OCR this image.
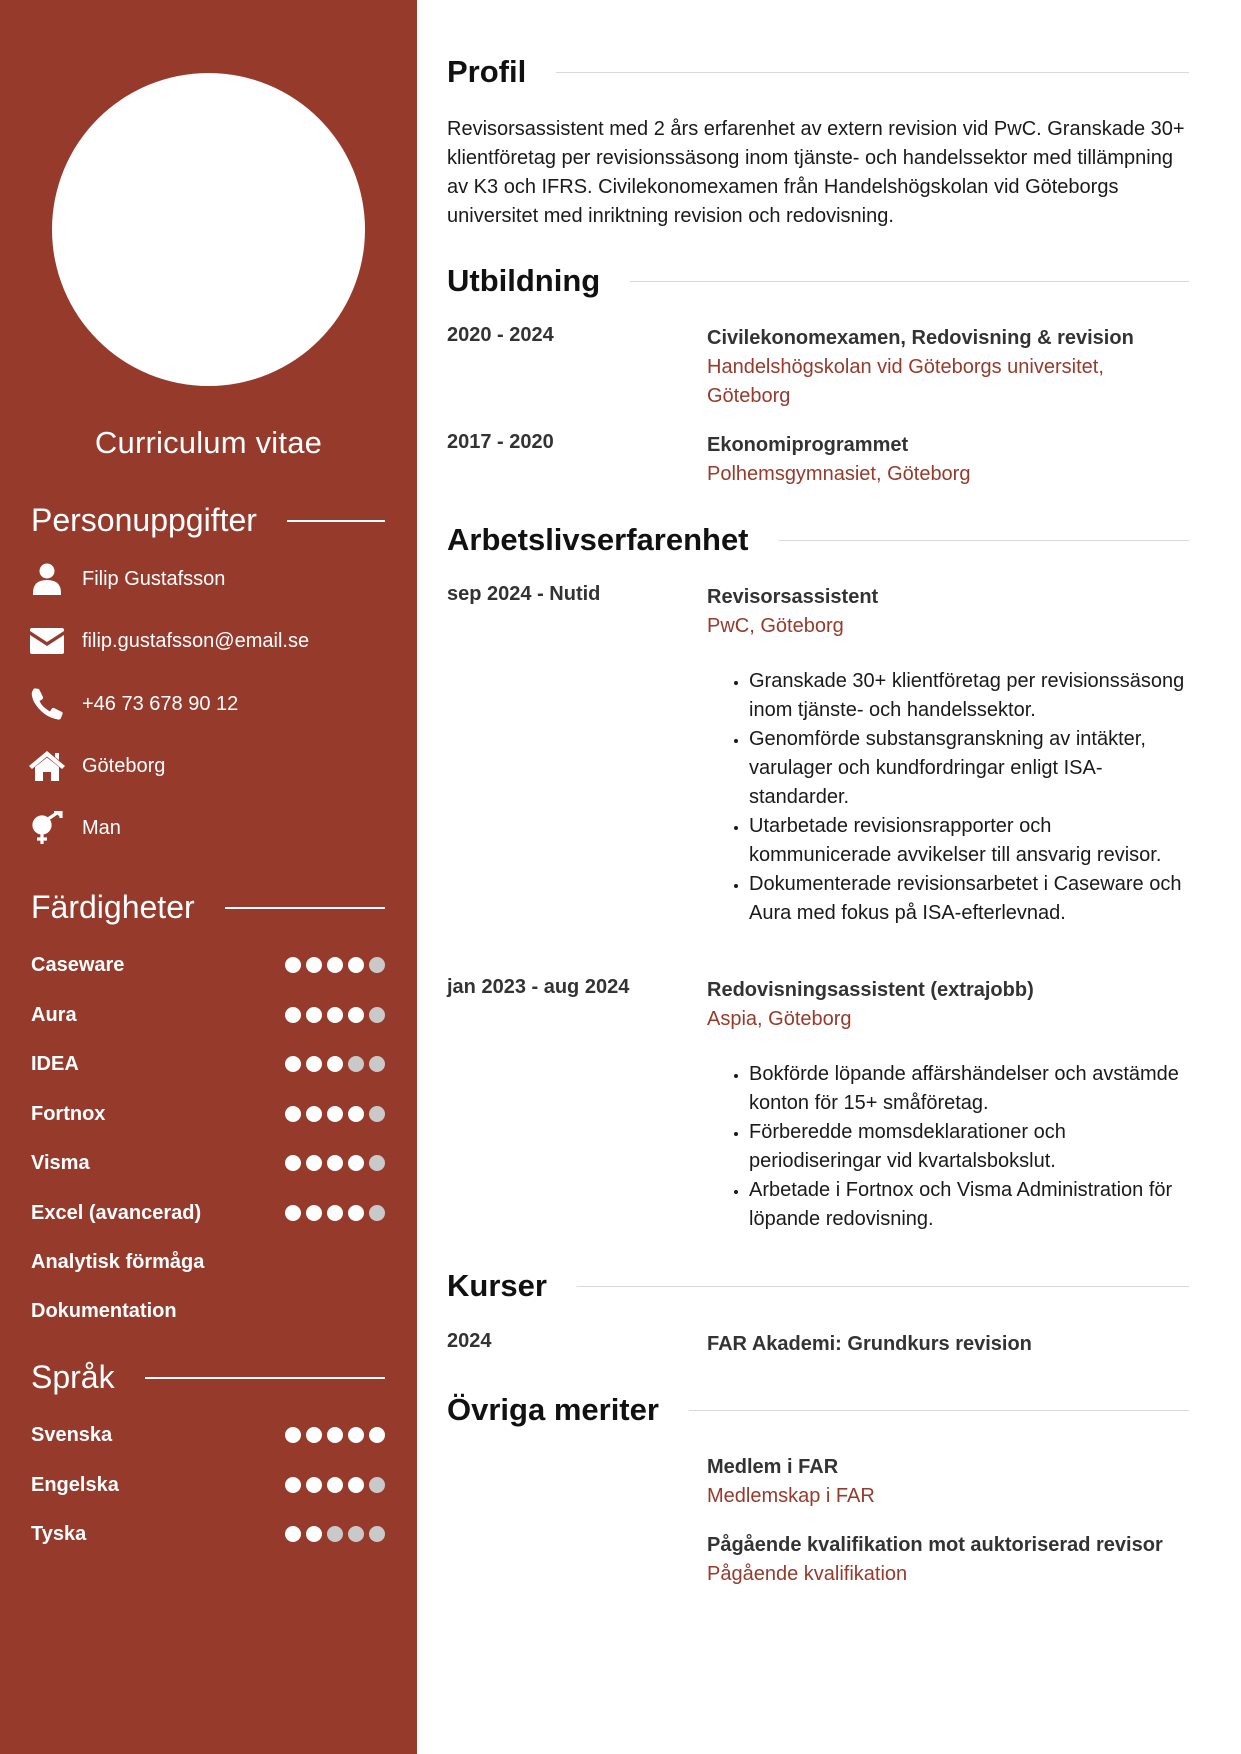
Curriculum vitae
Personuppgifter
Filip Gustafsson
filip.gustafsson@email.se
+46 73 678 90 12
Göteborg
Man
Färdigheter
Caseware
Aura
IDEA
Fortnox
Visma
Excel (avancerad)
Analytisk förmåga
Dokumentation
Språk
Svenska
Engelska
Tyska
Profil
Revisorsassistent med 2 års erfarenhet av extern revision vid PwC. Granskade 30+ klientföretag per revisionssäsong inom tjänste- och handelssektor med tillämpning av K3 och IFRS. Civilekonomexamen från Handelshögskolan vid Göteborgs universitet med inriktning revision och redovisning.
Utbildning
2020 - 2024	Civilekonomexamen, Redovisning & revision
Handelshögskolan vid Göteborgs universitet, Göteborg
2017 - 2020	Ekonomiprogrammet
Polhemsgymnasiet, Göteborg
Arbetslivserfarenhet
sep 2024 - Nutid	Revisorsassistent
PwC, Göteborg
• Granskade 30+ klientföretag per revisionssäsong inom tjänste- och handelssektor.
• Genomförde substansgranskning av intäkter, varulager och kundfordringar enligt ISA-standarder.
• Utarbetade revisionsrapporter och kommunicerade avvikelser till ansvarig revisor.
• Dokumenterade revisionsarbetet i Caseware och Aura med fokus på ISA-efterlevnad.
jan 2023 - aug 2024	Redovisningsassistent (extrajobb)
Aspia, Göteborg
• Bokförde löpande affärshändelser och avstämde konton för 15+ småföretag.
• Förberedde momsdeklarationer och periodiseringar vid kvartalsbokslut.
• Arbetade i Fortnox och Visma Administration för löpande redovisning.
Kurser
2024	FAR Akademi: Grundkurs revision
Övriga meriter
Medlem i FAR
Medlemskap i FAR
Pågående kvalifikation mot auktoriserad revisor
Pågående kvalifikation
